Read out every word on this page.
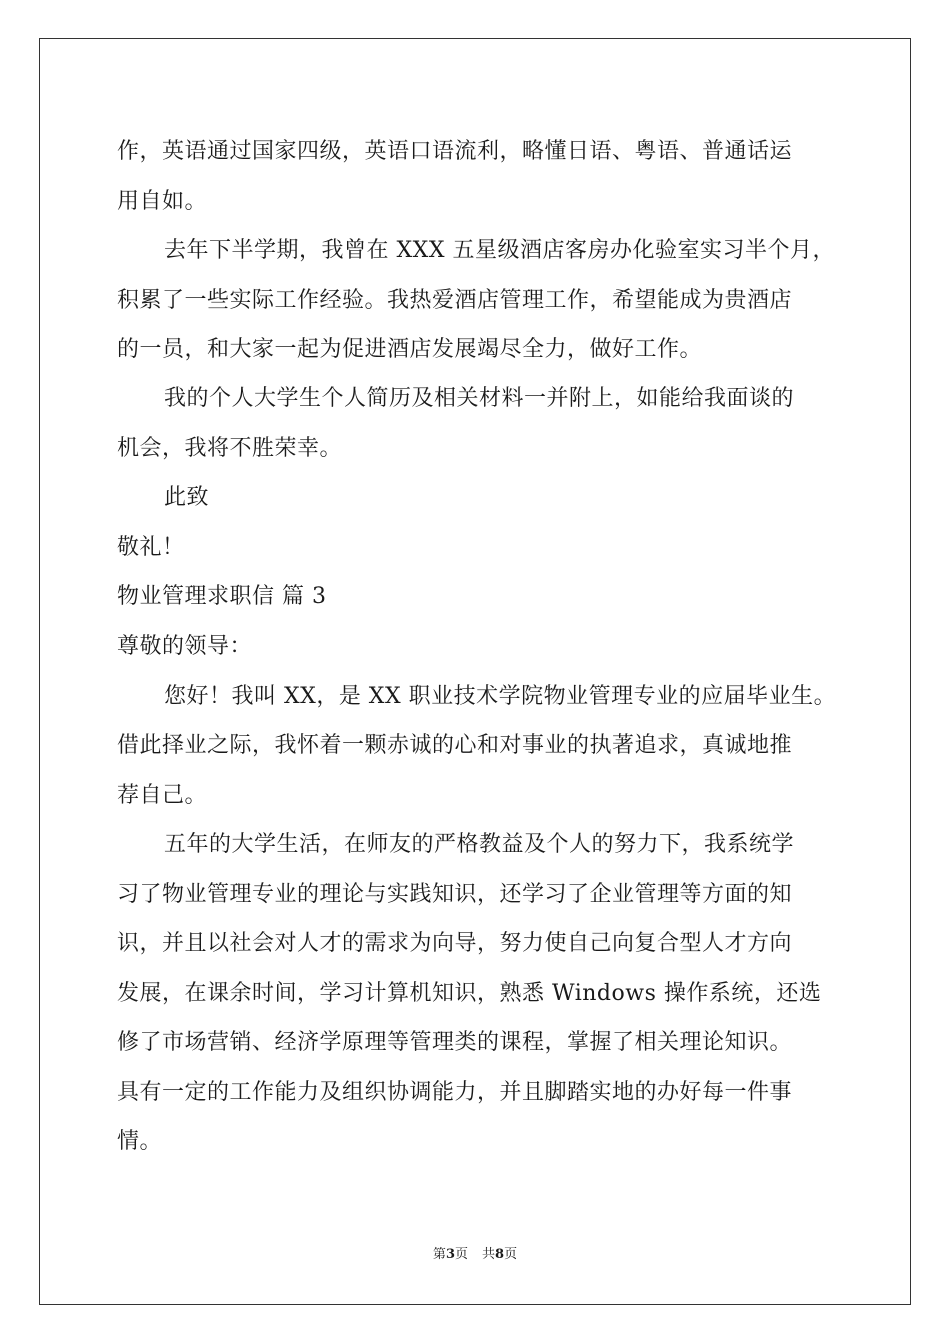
作，英语通过国家四级，英语口语流利，略懂日语、粤语、普通话运
用自如。
去年下半学期，我曾在 XXX 五星级酒店客房办化验室实习半个月，
积累了一些实际工作经验。我热爱酒店管理工作，希望能成为贵酒店
的一员，和大家一起为促进酒店发展竭尽全力，做好工作。
我的个人大学生个人简历及相关材料一并附上，如能给我面谈的
机会，我将不胜荣幸。
此致
敬礼！
物业管理求职信 篇 3
尊敬的领导：
您好！我叫 XX，是 XX 职业技术学院物业管理专业的应届毕业生。
借此择业之际，我怀着一颗赤诚的心和对事业的执著追求，真诚地推
荐自己。
五年的大学生活，在师友的严格教益及个人的努力下，我系统学
习了物业管理专业的理论与实践知识，还学习了企业管理等方面的知
识，并且以社会对人才的需求为向导，努力使自己向复合型人才方向
发展，在课余时间，学习计算机知识，熟悉 Windows 操作系统，还选
修了市场营销、经济学原理等管理类的课程，掌握了相关理论知识。
具有一定的工作能力及组织协调能力，并且脚踏实地的办好每一件事
情。
第3页 共8页
